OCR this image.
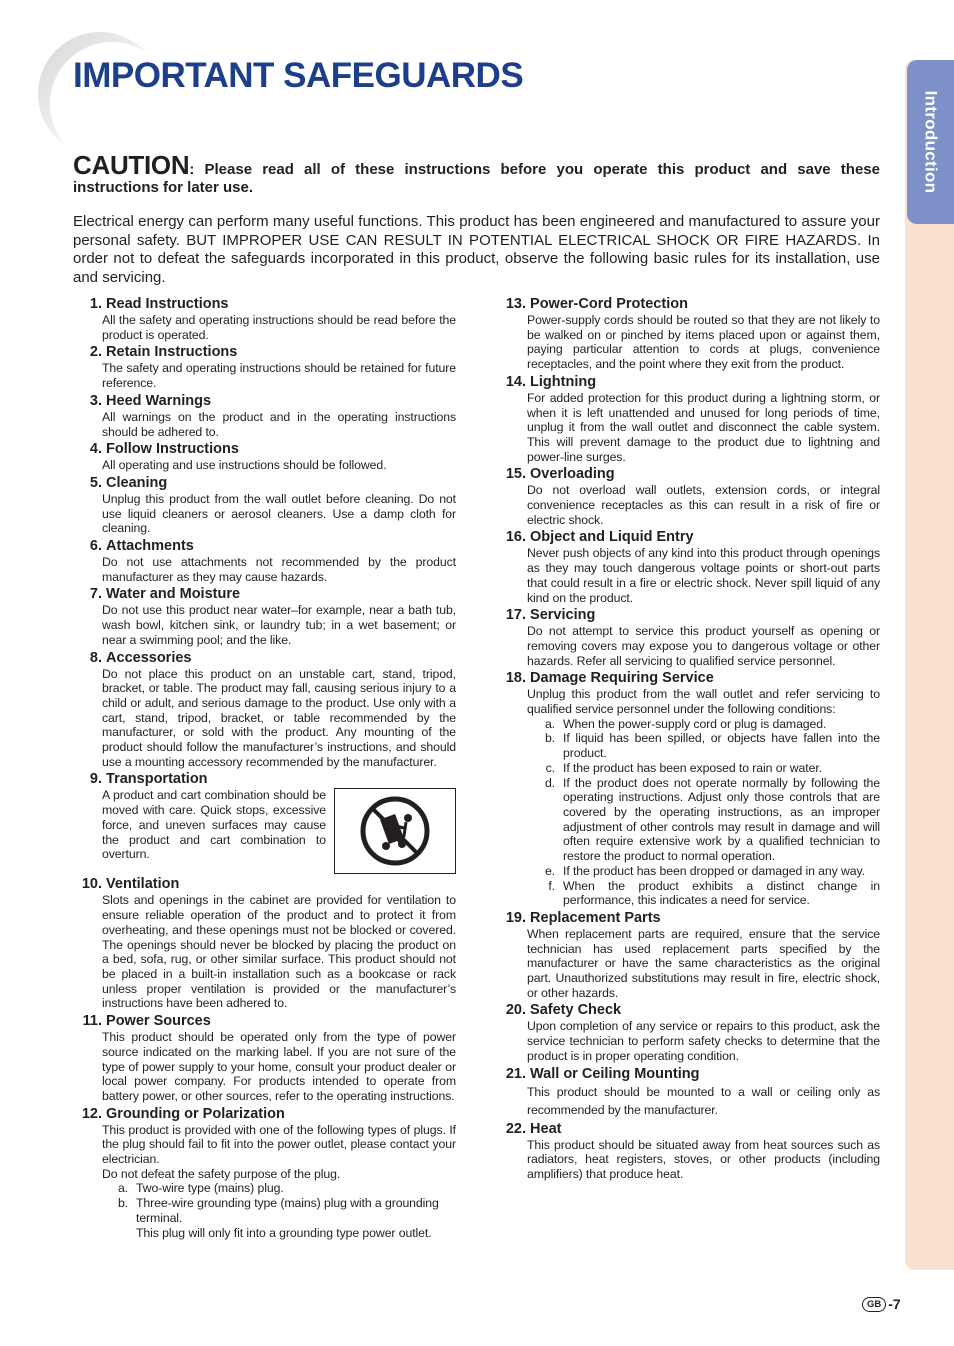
IMPORTANT SAFEGUARDS
Introduction
CAUTION: Please read all of these instructions before you operate this product and save these instructions for later use.
Electrical energy can perform many useful functions. This product has been engineered and manufactured to assure your personal safety. BUT IMPROPER USE CAN RESULT IN POTENTIAL ELECTRICAL SHOCK OR FIRE HAZARDS. In order not to defeat the safeguards incorporated in this product, observe the following basic rules for its installation, use and servicing.
1.
Read Instructions
All the safety and operating instructions should be read before the product is operated.
2.
Retain Instructions
The safety and operating instructions should be retained for future reference.
3.
Heed Warnings
All warnings on the product and in the operating instructions should be adhered to.
4.
Follow Instructions
All operating and use instructions should be followed.
5.
Cleaning
Unplug this product from the wall outlet before cleaning. Do not use liquid cleaners or aerosol cleaners. Use a damp cloth for cleaning.
6.
Attachments
Do not use attachments not recommended by the product manufacturer as they may cause hazards.
7.
Water and Moisture
Do not use this product near water–for example, near a bath tub, wash bowl, kitchen sink, or laundry tub; in a wet basement; or near a swimming pool; and the like.
8.
Accessories
Do not place this product on an unstable cart, stand, tripod, bracket, or table. The product may fall, causing serious injury to a child or adult, and serious damage to the product. Use only with a cart, stand, tripod, bracket, or table recommended by the manufacturer, or sold with the product. Any mounting of the product should follow the manufacturer’s instructions, and should use a mounting accessory recommended by the manufacturer.
9.
Transportation
A product and cart combination should be moved with care. Quick stops, excessive force, and uneven surfaces may cause the product and cart combination to overturn.
10.
Ventilation
Slots and openings in the cabinet are provided for ventilation to ensure reliable operation of the product and to protect it from overheating, and these openings must not be blocked or covered. The openings should never be blocked by placing the product on a bed, sofa, rug, or other similar surface. This product should not be placed in a built-in installation such as a bookcase or rack unless proper ventilation is provided or the manufacturer’s instructions have been adhered to.
11.
Power Sources
This product should be operated only from the type of power source indicated on the marking label. If you are not sure of the type of power supply to your home, consult your product dealer or local power company. For products intended to operate from battery power, or other sources, refer to the operating instructions.
12.
Grounding or Polarization
This product is provided with one of the following types of plugs. If the plug should fail to fit into the power outlet, please contact your electrician.
Do not defeat the safety purpose of the plug.
a. Two-wire type (mains) plug.
b. Three-wire grounding type (mains) plug with a grounding terminal.
This plug will only fit into a grounding type power outlet.
13.
Power-Cord Protection
Power-supply cords should be routed so that they are not likely to be walked on or pinched by items placed upon or against them, paying particular attention to cords at plugs, convenience receptacles, and the point where they exit from the product.
14.
Lightning
For added protection for this product during a lightning storm, or when it is left unattended and unused for long periods of time, unplug it from the wall outlet and disconnect the cable system. This will prevent damage to the product due to lightning and power-line surges.
15.
Overloading
Do not overload wall outlets, extension cords, or integral convenience receptacles as this can result in a risk of fire or electric shock.
16.
Object and Liquid Entry
Never push objects of any kind into this product through openings as they may touch dangerous voltage points or short-out parts that could result in a fire or electric shock. Never spill liquid of any kind on the product.
17.
Servicing
Do not attempt to service this product yourself as opening or removing covers may expose you to dangerous voltage or other hazards. Refer all servicing to qualified service personnel.
18.
Damage Requiring Service
Unplug this product from the wall outlet and refer servicing to qualified service personnel under the following conditions:
a. When the power-supply cord or plug is damaged.
b. If liquid has been spilled, or objects have fallen into the product.
c. If the product has been exposed to rain or water.
d. If the product does not operate normally by following the operating instructions. Adjust only those controls that are covered by the operating instructions, as an improper adjustment of other controls may result in damage and will often require extensive work by a qualified technician to restore the product to normal operation.
e. If the product has been dropped or damaged in any way.
f. When the product exhibits a distinct change in performance, this indicates a need for service.
19.
Replacement Parts
When replacement parts are required, ensure that the service technician has used replacement parts specified by the manufacturer or have the same characteristics as the original part. Unauthorized substitutions may result in fire, electric shock, or other hazards.
20.
Safety Check
Upon completion of any service or repairs to this product, ask the service technician to perform safety checks to determine that the product is in proper operating condition.
21.
Wall or Ceiling Mounting
This product should be mounted to a wall or ceiling only as recommended by the manufacturer.
22.
Heat
This product should be situated away from heat sources such as radiators, heat registers, stoves, or other products (including amplifiers) that produce heat.
GB -7
